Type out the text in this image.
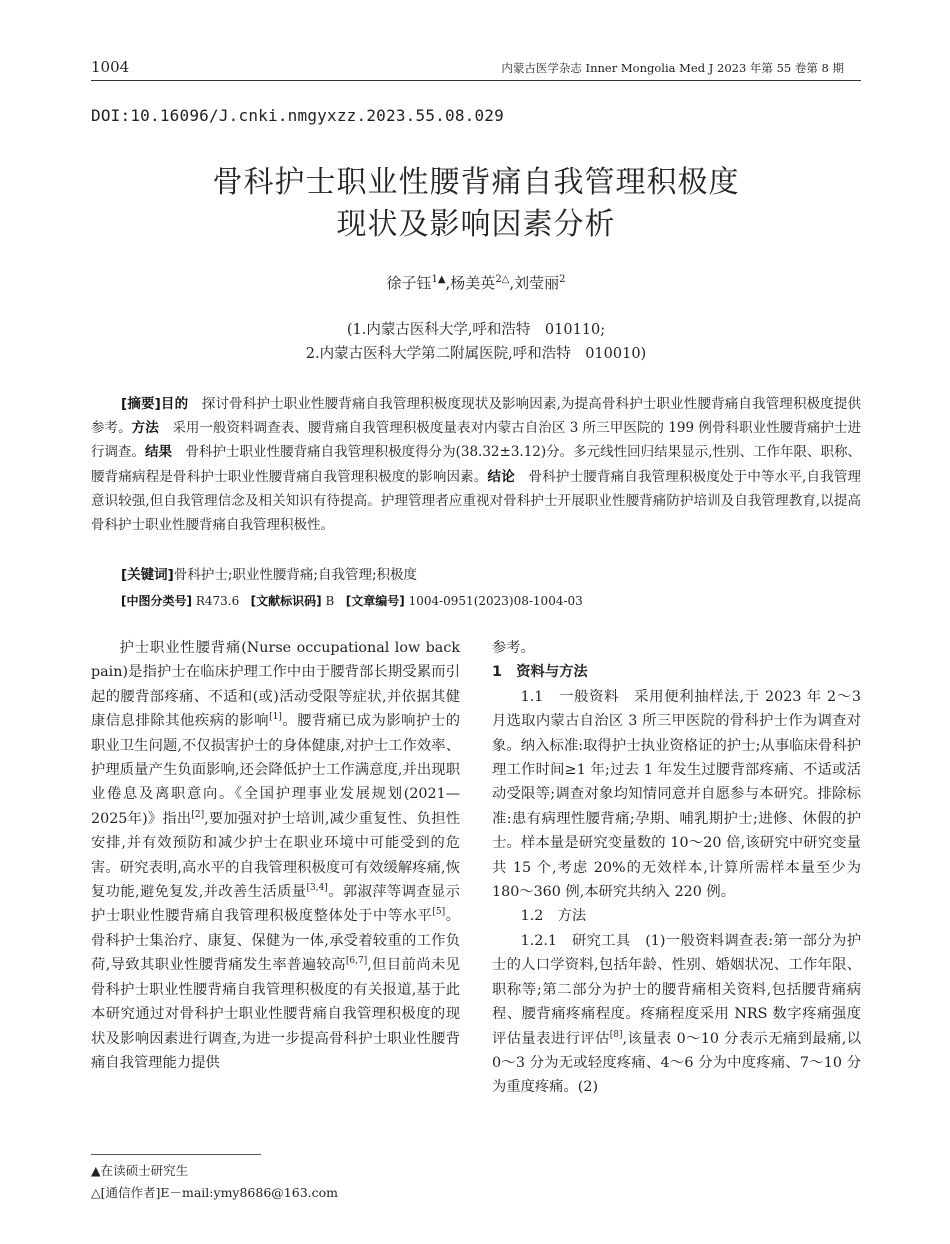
1004	内蒙古医学杂志 Inner Mongolia Med J 2023 年第 55 卷第 8 期
DOI:10.16096/J.cnki.nmgyxzz.2023.55.08.029
骨科护士职业性腰背痛自我管理积极度
现状及影响因素分析
徐子钰$^{1▲}$,杨美英$^{2\triangle}$,刘莹丽$^2$
(1.内蒙古医科大学,呼和浩特　010110;
2.内蒙古医科大学第二附属医院,呼和浩特　010010)
[摘要]目的　 探讨骨科护士职业性腰背痛自我管理积极度现状及影响因素,为提高骨科护士职业性腰背痛自我管理积极度提供参考。方法　 采用一般资料调查表、腰背痛自我管理积极度量表对内蒙古自治区 3 所三甲医院的 199 例骨科职业性腰背痛护士进行调查。结果　 骨科护士职业性腰背痛自我管理积极度得分为(38.32±3.12)分。多元线性回归结果显示,性别、工作年限、职称、腰背痛病程是骨科护士职业性腰背痛自我管理积极度的影响因素。结论　 骨科护士腰背痛自我管理积极度处于中等水平,自我管理意识较强,但自我管理信念及相关知识有待提高。护理管理者应重视对骨科护士开展职业性腰背痛防护培训及自我管理教育,以提高骨科护士职业性腰背痛自我管理积极性。
[关键词]骨科护士;职业性腰背痛;自我管理;积极度
[中图分类号] R473.6 [文献标识码] B [文章编号] 1004-0951(2023)08-1004-03

护士职业性腰背痛(Nurse occupational low back pain)是指护士在临床护理工作中由于腰背部长期受累而引起的腰背部疼痛、不适和(或)活动受限等症状,并依据其健康信息排除其他疾病的影响[1]。腰背痛已成为影响护士的职业卫生问题,不仅损害护士的身体健康,对护士工作效率、护理质量产生负面影响,还会降低护士工作满意度,并出现职业倦息及离职意向。《全国护理事业发展规划(2021—2025年)》指出[2],要加强对护士培训,减少重复性、负担性安排,并有效预防和减少护士在职业环境中可能受到的危害。研究表明,高水平的自我管理积极度可有效缓解疼痛,恢复功能,避免复发,并改善生活质量[3,4]。郭淑萍等调查显示护士职业性腰背痛自我管理积极度整体处于中等水平[5]。骨科护士集治疗、康复、保健为一体,承受着较重的工作负荷,导致其职业性腰背痛发生率普遍较高[6,7],但目前尚未见骨科护士职业性腰背痛自我管理积极度的有关报道,基于此本研究通过对骨科护士职业性腰背痛自我管理积极度的现状及影响因素进行调查,为进一步提高骨科护士职业性腰背痛自我管理能力提供

参考。

1　资料与方法

1.1　一般资料　 采用便利抽样法,于 2023 年 2～3 月选取内蒙古自治区 3 所三甲医院的骨科护士作为调查对象。纳入标准:取得护士执业资格证的护士;从事临床骨科护理工作时间≥1 年;过去 1 年发生过腰背部疼痛、不适或活动受限等;调查对象均知情同意并自愿参与本研究。排除标准:患有病理性腰背痛;孕期、哺乳期护士;进修、休假的护士。样本量是研究变量数的 10～20 倍,该研究中研究变量共 15 个,考虑 20%的无效样本,计算所需样本量至少为 180～360 例,本研究共纳入 220 例。

1.2　方法

1.2.1　研究工具　 (1)一般资料调查表:第一部分为护士的人口学资料,包括年龄、性别、婚姻状况、工作年限、职称等;第二部分为护士的腰背痛相关资料,包括腰背痛病程、腰背痛疼痛程度。疼痛程度采用 NRS 数字疼痛强度评估量表进行评估[8],该量表 0～10 分表示无痛到最痛,以 0～3 分为无或轻度疼痛、4～6 分为中度疼痛、7～10 分为重度疼痛。(2)

▲在读硕士研究生
△[通信作者]E－mail:ymy8686@163.com
